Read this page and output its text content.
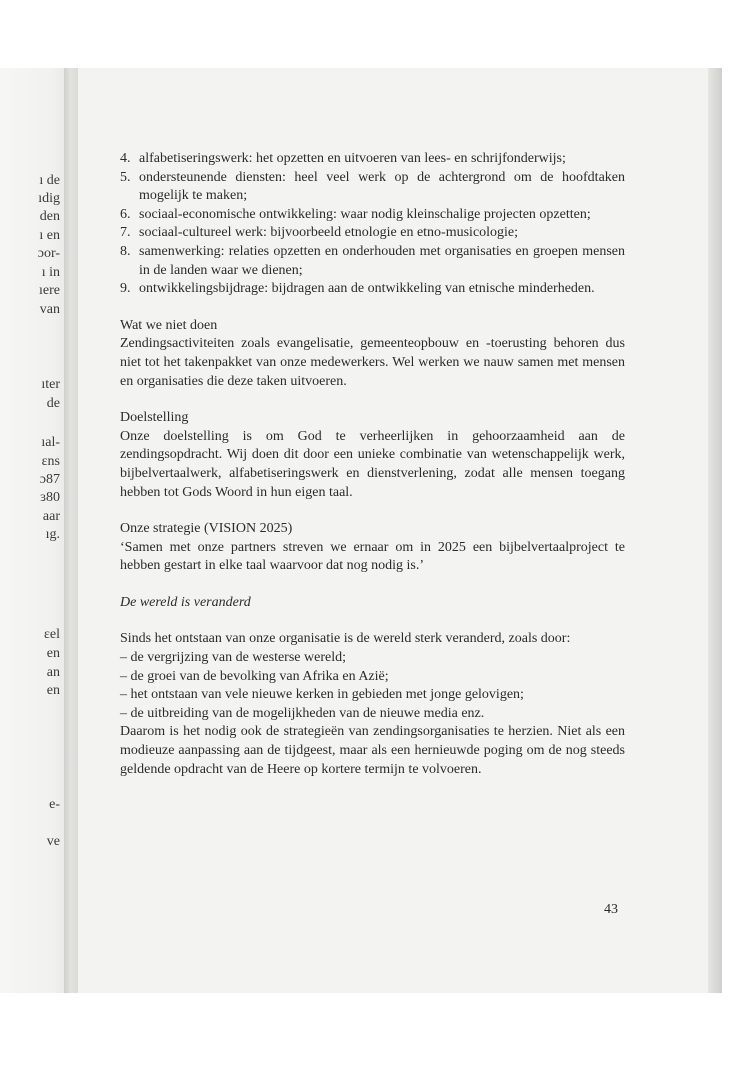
ı de
ıdig
den
ı en
ɔor-
ı in
ıere
van
ıter
de
ıal-
ɛns
ɔ87
ɜ80
aar
ıg.
ɛel
en
an
en
e-
ve
4. alfabetiseringswerk: het opzetten en uitvoeren van lees- en schrijfonderwijs;
5. ondersteunende diensten: heel veel werk op de achtergrond om de hoofdtaken mogelijk te maken;
6. sociaal-economische ontwikkeling: waar nodig kleinschalige projecten opzetten;
7. sociaal-cultureel werk: bijvoorbeeld etnologie en etno-musicologie;
8. samenwerking: relaties opzetten en onderhouden met organisaties en groepen mensen in de landen waar we dienen;
9. ontwikkelingsbijdrage: bijdragen aan de ontwikkeling van etnische minderheden.

Wat we niet doen

Zendingsactiviteiten zoals evangelisatie, gemeenteopbouw en -toerusting behoren dus niet tot het takenpakket van onze medewerkers. Wel werken we nauw samen met mensen en organisaties die deze taken uitvoeren.

Doelstelling

Onze doelstelling is om God te verheerlijken in gehoorzaamheid aan de zendingsopdracht. Wij doen dit door een unieke combinatie van wetenschappelijk werk, bijbelvertaalwerk, alfabetiseringswerk en dienstverlening, zodat alle mensen toegang hebben tot Gods Woord in hun eigen taal.

Onze strategie (VISION 2025)

‘Samen met onze partners streven we ernaar om in 2025 een bijbelvertaalproject te hebben gestart in elke taal waarvoor dat nog nodig is.’

De wereld is veranderd

Sinds het ontstaan van onze organisatie is de wereld sterk veranderd, zoals door:

– de vergrijzing van de westerse wereld;

– de groei van de bevolking van Afrika en Azië;

– het ontstaan van vele nieuwe kerken in gebieden met jonge gelovigen;

– de uitbreiding van de mogelijkheden van de nieuwe media enz.

Daarom is het nodig ook de strategieën van zendingsorganisaties te herzien. Niet als een modieuze aanpassing aan de tijdgeest, maar als een hernieuwde poging om de nog steeds geldende opdracht van de Heere op kortere termijn te volvoeren.

43
